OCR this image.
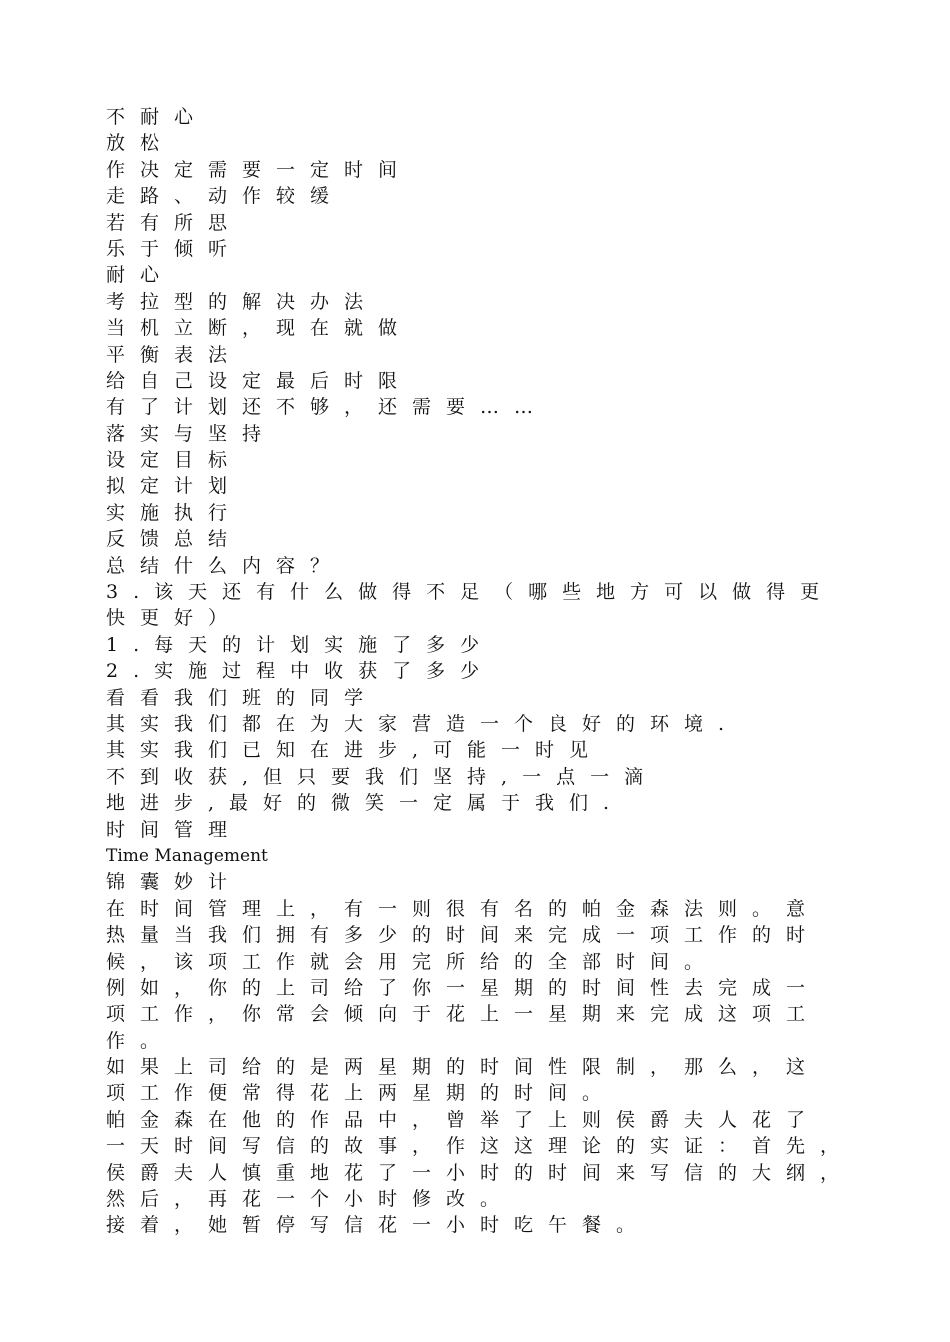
不耐心
放松
作决定需要一定时间
走路、动作较缓
若有所思
乐于倾听
耐心
考拉型的解决办法
当机立断，现在就做
平衡表法
给自己设定最后时限
有了计划还不够，还需要……
落实与坚持
设定目标
拟定计划
实施执行
反馈总结
总结什么内容？
3.该天还有什么做得不足（哪些地方可以做得更
快更好）
1.每天的计划实施了多少
2.实施过程中收获了多少
看看我们班的同学
其实我们都在为大家营造一个良好的环境.
其实我们已知在进步,可能一时见
不到收获,但只要我们坚持,一点一滴
地进步,最好的微笑一定属于我们.
时间管理
Time Management
锦囊妙计
在时间管理上，有一则很有名的帕金森法则。意
热量当我们拥有多少的时间来完成一项工作的时
候，该项工作就会用完所给的全部时间。
例如，你的上司给了你一星期的时间性去完成一
项工作，你常会倾向于花上一星期来完成这项工
作。
如果上司给的是两星期的时间性限制，那么，这
项工作便常得花上两星期的时间。
帕金森在他的作品中，曾举了上则侯爵夫人花了
一天时间写信的故事，作这这理论的实证：首先，
侯爵夫人慎重地花了一小时的时间来写信的大纲，
然后，再花一个小时修改。
接着，她暂停写信花一小时吃午餐。
